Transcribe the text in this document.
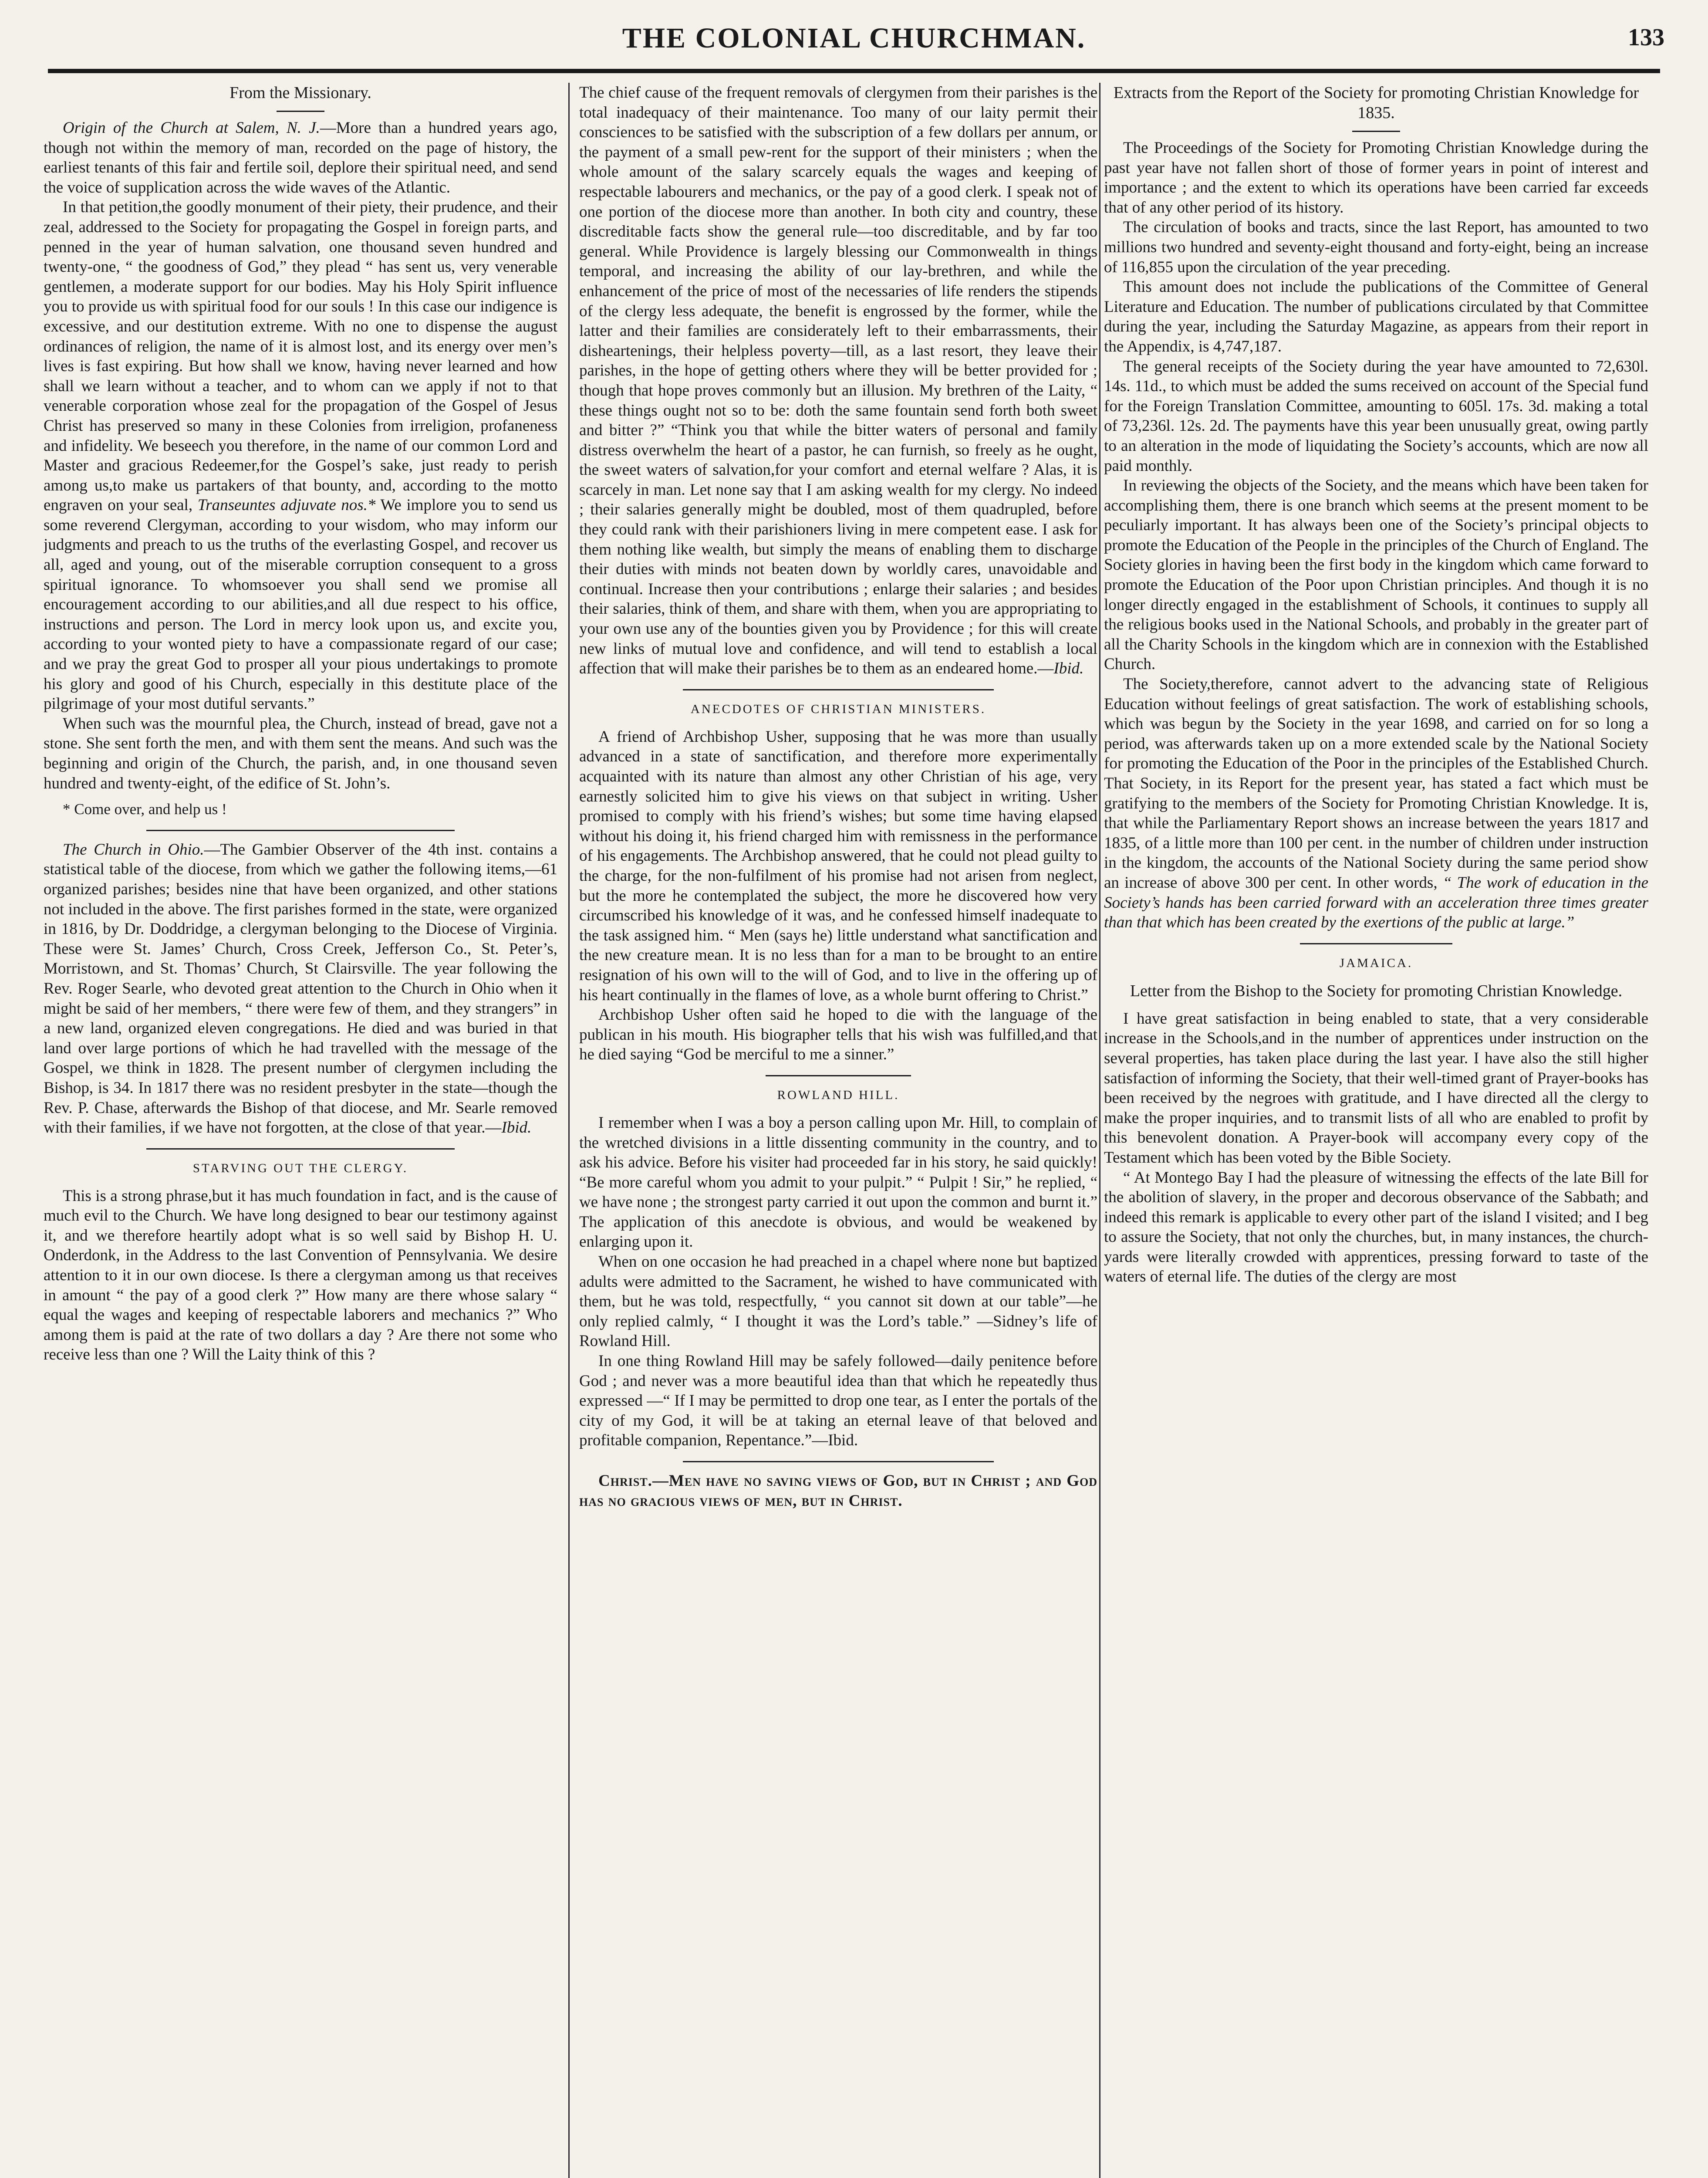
THE COLONIAL CHURCHMAN.	133
From the Missionary.

Origin of the Church at Salem, N. J.—More than a hundred years ago, though not within the memory of man, recorded on the page of history, the earliest tenants of this fair and fertile soil, deplore their spiritual need, and send the voice of supplication across the wide waves of the Atlantic.

In that petition,the goodly monument of their piety, their prudence, and their zeal, addressed to the Society for propagating the Gospel in foreign parts, and penned in the year of human salvation, one thousand seven hundred and twenty-one, “ the goodness of God,” they plead “ has sent us, very venerable gentlemen, a moderate support for our bodies. May his Holy Spirit influence you to provide us with spiritual food for our souls ! In this case our indigence is excessive, and our destitution extreme. With no one to dispense the august ordinances of religion, the name of it is almost lost, and its energy over men’s lives is fast expiring. But how shall we know, having never learned and how shall we learn without a teacher, and to whom can we apply if not to that venerable corporation whose zeal for the propagation of the Gospel of Jesus Christ has preserved so many in these Colonies from irreligion, profaneness and infidelity. We beseech you therefore, in the name of our common Lord and Master and gracious Redeemer,for the Gospel’s sake, just ready to perish among us,to make us partakers of that bounty, and, according to the motto engraven on your seal, Transeuntes adjuvate nos.* We implore you to send us some reverend Clergyman, according to your wisdom, who may inform our judgments and preach to us the truths of the everlasting Gospel, and recover us all, aged and young, out of the miserable corruption consequent to a gross spiritual ignorance. To whomsoever you shall send we promise all encouragement according to our abilities,and all due respect to his office, instructions and person. The Lord in mercy look upon us, and excite you, according to your wonted piety to have a compassionate regard of our case; and we pray the great God to prosper all your pious undertakings to promote his glory and good of his Church, especially in this destitute place of the pilgrimage of your most dutiful servants.”

When such was the mournful plea, the Church, instead of bread, gave not a stone. She sent forth the men, and with them sent the means. And such was the beginning and origin of the Church, the parish, and, in one thousand seven hundred and twenty-eight, of the edifice of St. John’s.

* Come over, and help us !

The Church in Ohio.—The Gambier Observer of the 4th inst. contains a statistical table of the diocese, from which we gather the following items,—61 organized parishes; besides nine that have been organized, and other stations not included in the above. The first parishes formed in the state, were organized in 1816, by Dr. Doddridge, a clergyman belonging to the Diocese of Virginia. These were St. James’ Church, Cross Creek, Jefferson Co., St. Peter’s, Morristown, and St. Thomas’ Church, St Clairsville. The year following the Rev. Roger Searle, who devoted great attention to the Church in Ohio when it might be said of her members, “ there were few of them, and they strangers” in a new land, organized eleven congregations. He died and was buried in that land over large portions of which he had travelled with the message of the Gospel, we think in 1828. The present number of clergymen including the Bishop, is 34. In 1817 there was no resident presbyter in the state—though the Rev. P. Chase, afterwards the Bishop of that diocese, and Mr. Searle removed with their families, if we have not forgotten, at the close of that year.—Ibid.

STARVING OUT THE CLERGY.

This is a strong phrase,but it has much foundation in fact, and is the cause of much evil to the Church. We have long designed to bear our testimony against it, and we therefore heartily adopt what is so well said by Bishop H. U. Onderdonk, in the Address to the last Convention of Pennsylvania. We desire attention to it in our own diocese. Is there a clergyman among us that receives in amount “ the pay of a good clerk ?” How many are there whose salary “ equal the wages and keeping of respectable laborers and mechanics ?” Who among them is paid at the rate of two dollars a day ? Are there not some who receive less than one ? Will the Laity think of this ?

The chief cause of the frequent removals of clergymen from their parishes is the total inadequacy of their maintenance. Too many of our laity permit their consciences to be satisfied with the subscription of a few dollars per annum, or the payment of a small pew-rent for the support of their ministers ; when the whole amount of the salary scarcely equals the wages and keeping of respectable labourers and mechanics, or the pay of a good clerk. I speak not of one portion of the diocese more than another. In both city and country, these discreditable facts show the general rule—too discreditable, and by far too general. While Providence is largely blessing our Commonwealth in things temporal, and increasing the ability of our lay-brethren, and while the enhancement of the price of most of the necessaries of life renders the stipends of the clergy less adequate, the benefit is engrossed by the former, while the latter and their families are considerately left to their embarrassments, their disheartenings, their helpless poverty—till, as a last resort, they leave their parishes, in the hope of getting others where they will be better provided for ; though that hope proves commonly but an illusion. My brethren of the Laity, “ these things ought not so to be: doth the same fountain send forth both sweet and bitter ?” “Think you that while the bitter waters of personal and family distress overwhelm the heart of a pastor, he can furnish, so freely as he ought, the sweet waters of salvation,for your comfort and eternal welfare ? Alas, it is scarcely in man. Let none say that I am asking wealth for my clergy. No indeed ; their salaries generally might be doubled, most of them quadrupled, before they could rank with their parishioners living in mere competent ease. I ask for them nothing like wealth, but simply the means of enabling them to discharge their duties with minds not beaten down by worldly cares, unavoidable and continual. Increase then your contributions ; enlarge their salaries ; and besides their salaries, think of them, and share with them, when you are appropriating to your own use any of the bounties given you by Providence ; for this will create new links of mutual love and confidence, and will tend to establish a local affection that will make their parishes be to them as an endeared home.—Ibid.

ANECDOTES OF CHRISTIAN MINISTERS.

A friend of Archbishop Usher, supposing that he was more than usually advanced in a state of sanctification, and therefore more experimentally acquainted with its nature than almost any other Christian of his age, very earnestly solicited him to give his views on that subject in writing. Usher promised to comply with his friend’s wishes; but some time having elapsed without his doing it, his friend charged him with remissness in the performance of his engagements. The Archbishop answered, that he could not plead guilty to the charge, for the non-fulfilment of his promise had not arisen from neglect, but the more he contemplated the subject, the more he discovered how very circumscribed his knowledge of it was, and he confessed himself inadequate to the task assigned him. “ Men (says he) little understand what sanctification and the new creature mean. It is no less than for a man to be brought to an entire resignation of his own will to the will of God, and to live in the offering up of his heart continually in the flames of love, as a whole burnt offering to Christ.”

Archbishop Usher often said he hoped to die with the language of the publican in his mouth. His biographer tells that his wish was fulfilled,and that he died saying “God be merciful to me a sinner.”

ROWLAND HILL.

I remember when I was a boy a person calling upon Mr. Hill, to complain of the wretched divisions in a little dissenting community in the country, and to ask his advice. Before his visiter had proceeded far in his story, he said quickly! “Be more careful whom you admit to your pulpit.” “ Pulpit ! Sir,” he replied, “ we have none ; the strongest party carried it out upon the common and burnt it.” The application of this anecdote is obvious, and would be weakened by enlarging upon it.

When on one occasion he had preached in a chapel where none but baptized adults were admitted to the Sacrament, he wished to have communicated with them, but he was told, respectfully, “ you cannot sit down at our table”—he only replied calmly, “ I thought it was the Lord’s table.” —Sidney’s life of Rowland Hill.

In one thing Rowland Hill may be safely followed—daily penitence before God ; and never was a more beautiful idea than that which he repeatedly thus expressed —“ If I may be permitted to drop one tear, as I enter the portals of the city of my God, it will be at taking an eternal leave of that beloved and profitable companion, Repentance.”—Ibid.

Christ.—Men have no saving views of God, but in Christ ; and God has no gracious views of men, but in Christ.

Extracts from the Report of the Society for promoting Christian Knowledge for 1835.

The Proceedings of the Society for Promoting Christian Knowledge during the past year have not fallen short of those of former years in point of interest and importance ; and the extent to which its operations have been carried far exceeds that of any other period of its history.

The circulation of books and tracts, since the last Report, has amounted to two millions two hundred and seventy-eight thousand and forty-eight, being an increase of 116,855 upon the circulation of the year preceding.

This amount does not include the publications of the Committee of General Literature and Education. The number of publications circulated by that Committee during the year, including the Saturday Magazine, as appears from their report in the Appendix, is 4,747,187.

The general receipts of the Society during the year have amounted to 72,630l. 14s. 11d., to which must be added the sums received on account of the Special fund for the Foreign Translation Committee, amounting to 605l. 17s. 3d. making a total of 73,236l. 12s. 2d. The payments have this year been unusually great, owing partly to an alteration in the mode of liquidating the Society’s accounts, which are now all paid monthly.

In reviewing the objects of the Society, and the means which have been taken for accomplishing them, there is one branch which seems at the present moment to be peculiarly important. It has always been one of the Society’s principal objects to promote the Education of the People in the principles of the Church of England. The Society glories in having been the first body in the kingdom which came forward to promote the Education of the Poor upon Christian principles. And though it is no longer directly engaged in the establishment of Schools, it continues to supply all the religious books used in the National Schools, and probably in the greater part of all the Charity Schools in the kingdom which are in connexion with the Established Church.

The Society,therefore, cannot advert to the advancing state of Religious Education without feelings of great satisfaction. The work of establishing schools, which was begun by the Society in the year 1698, and carried on for so long a period, was afterwards taken up on a more extended scale by the National Society for promoting the Education of the Poor in the principles of the Established Church. That Society, in its Report for the present year, has stated a fact which must be gratifying to the members of the Society for Promoting Christian Knowledge. It is, that while the Parliamentary Report shows an increase between the years 1817 and 1835, of a little more than 100 per cent. in the number of children under instruction in the kingdom, the accounts of the National Society during the same period show an increase of above 300 per cent. In other words, “ The work of education in the Society’s hands has been carried forward with an acceleration three times greater than that which has been created by the exertions of the public at large.”

JAMAICA.
Letter from the Bishop to the Society for promoting Christian Knowledge.

I have great satisfaction in being enabled to state, that a very considerable increase in the Schools,and in the number of apprentices under instruction on the several properties, has taken place during the last year. I have also the still higher satisfaction of informing the Society, that their well-timed grant of Prayer-books has been received by the negroes with gratitude, and I have directed all the clergy to make the proper inquiries, and to transmit lists of all who are enabled to profit by this benevolent donation. A Prayer-book will accompany every copy of the Testament which has been voted by the Bible Society.

“ At Montego Bay I had the pleasure of witnessing the effects of the late Bill for the abolition of slavery, in the proper and decorous observance of the Sabbath; and indeed this remark is applicable to every other part of the island I visited; and I beg to assure the Society, that not only the churches, but, in many instances, the church-yards were literally crowded with apprentices, pressing forward to taste of the waters of eternal life. The duties of the clergy are most
